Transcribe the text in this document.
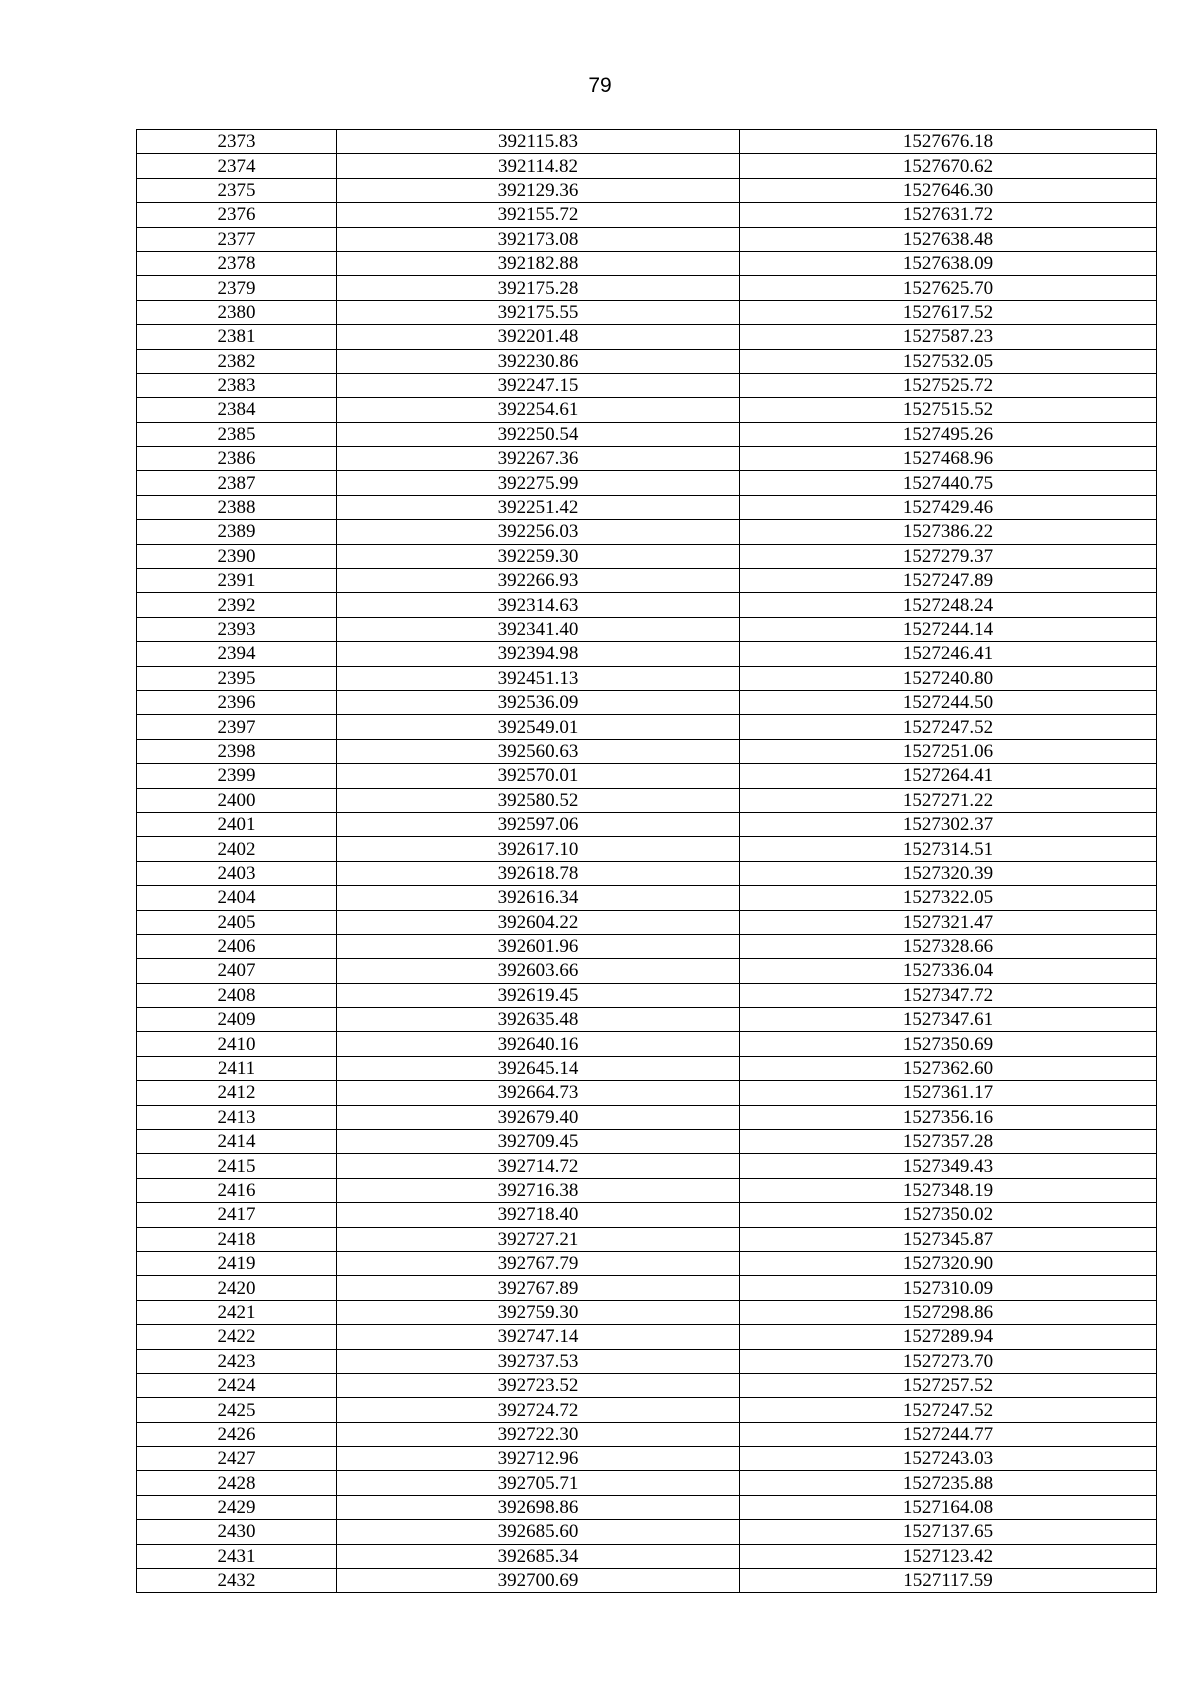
79
2373	392115.83	1527676.18
2374	392114.82	1527670.62
2375	392129.36	1527646.30
2376	392155.72	1527631.72
2377	392173.08	1527638.48
2378	392182.88	1527638.09
2379	392175.28	1527625.70
2380	392175.55	1527617.52
2381	392201.48	1527587.23
2382	392230.86	1527532.05
2383	392247.15	1527525.72
2384	392254.61	1527515.52
2385	392250.54	1527495.26
2386	392267.36	1527468.96
2387	392275.99	1527440.75
2388	392251.42	1527429.46
2389	392256.03	1527386.22
2390	392259.30	1527279.37
2391	392266.93	1527247.89
2392	392314.63	1527248.24
2393	392341.40	1527244.14
2394	392394.98	1527246.41
2395	392451.13	1527240.80
2396	392536.09	1527244.50
2397	392549.01	1527247.52
2398	392560.63	1527251.06
2399	392570.01	1527264.41
2400	392580.52	1527271.22
2401	392597.06	1527302.37
2402	392617.10	1527314.51
2403	392618.78	1527320.39
2404	392616.34	1527322.05
2405	392604.22	1527321.47
2406	392601.96	1527328.66
2407	392603.66	1527336.04
2408	392619.45	1527347.72
2409	392635.48	1527347.61
2410	392640.16	1527350.69
2411	392645.14	1527362.60
2412	392664.73	1527361.17
2413	392679.40	1527356.16
2414	392709.45	1527357.28
2415	392714.72	1527349.43
2416	392716.38	1527348.19
2417	392718.40	1527350.02
2418	392727.21	1527345.87
2419	392767.79	1527320.90
2420	392767.89	1527310.09
2421	392759.30	1527298.86
2422	392747.14	1527289.94
2423	392737.53	1527273.70
2424	392723.52	1527257.52
2425	392724.72	1527247.52
2426	392722.30	1527244.77
2427	392712.96	1527243.03
2428	392705.71	1527235.88
2429	392698.86	1527164.08
2430	392685.60	1527137.65
2431	392685.34	1527123.42
2432	392700.69	1527117.59
